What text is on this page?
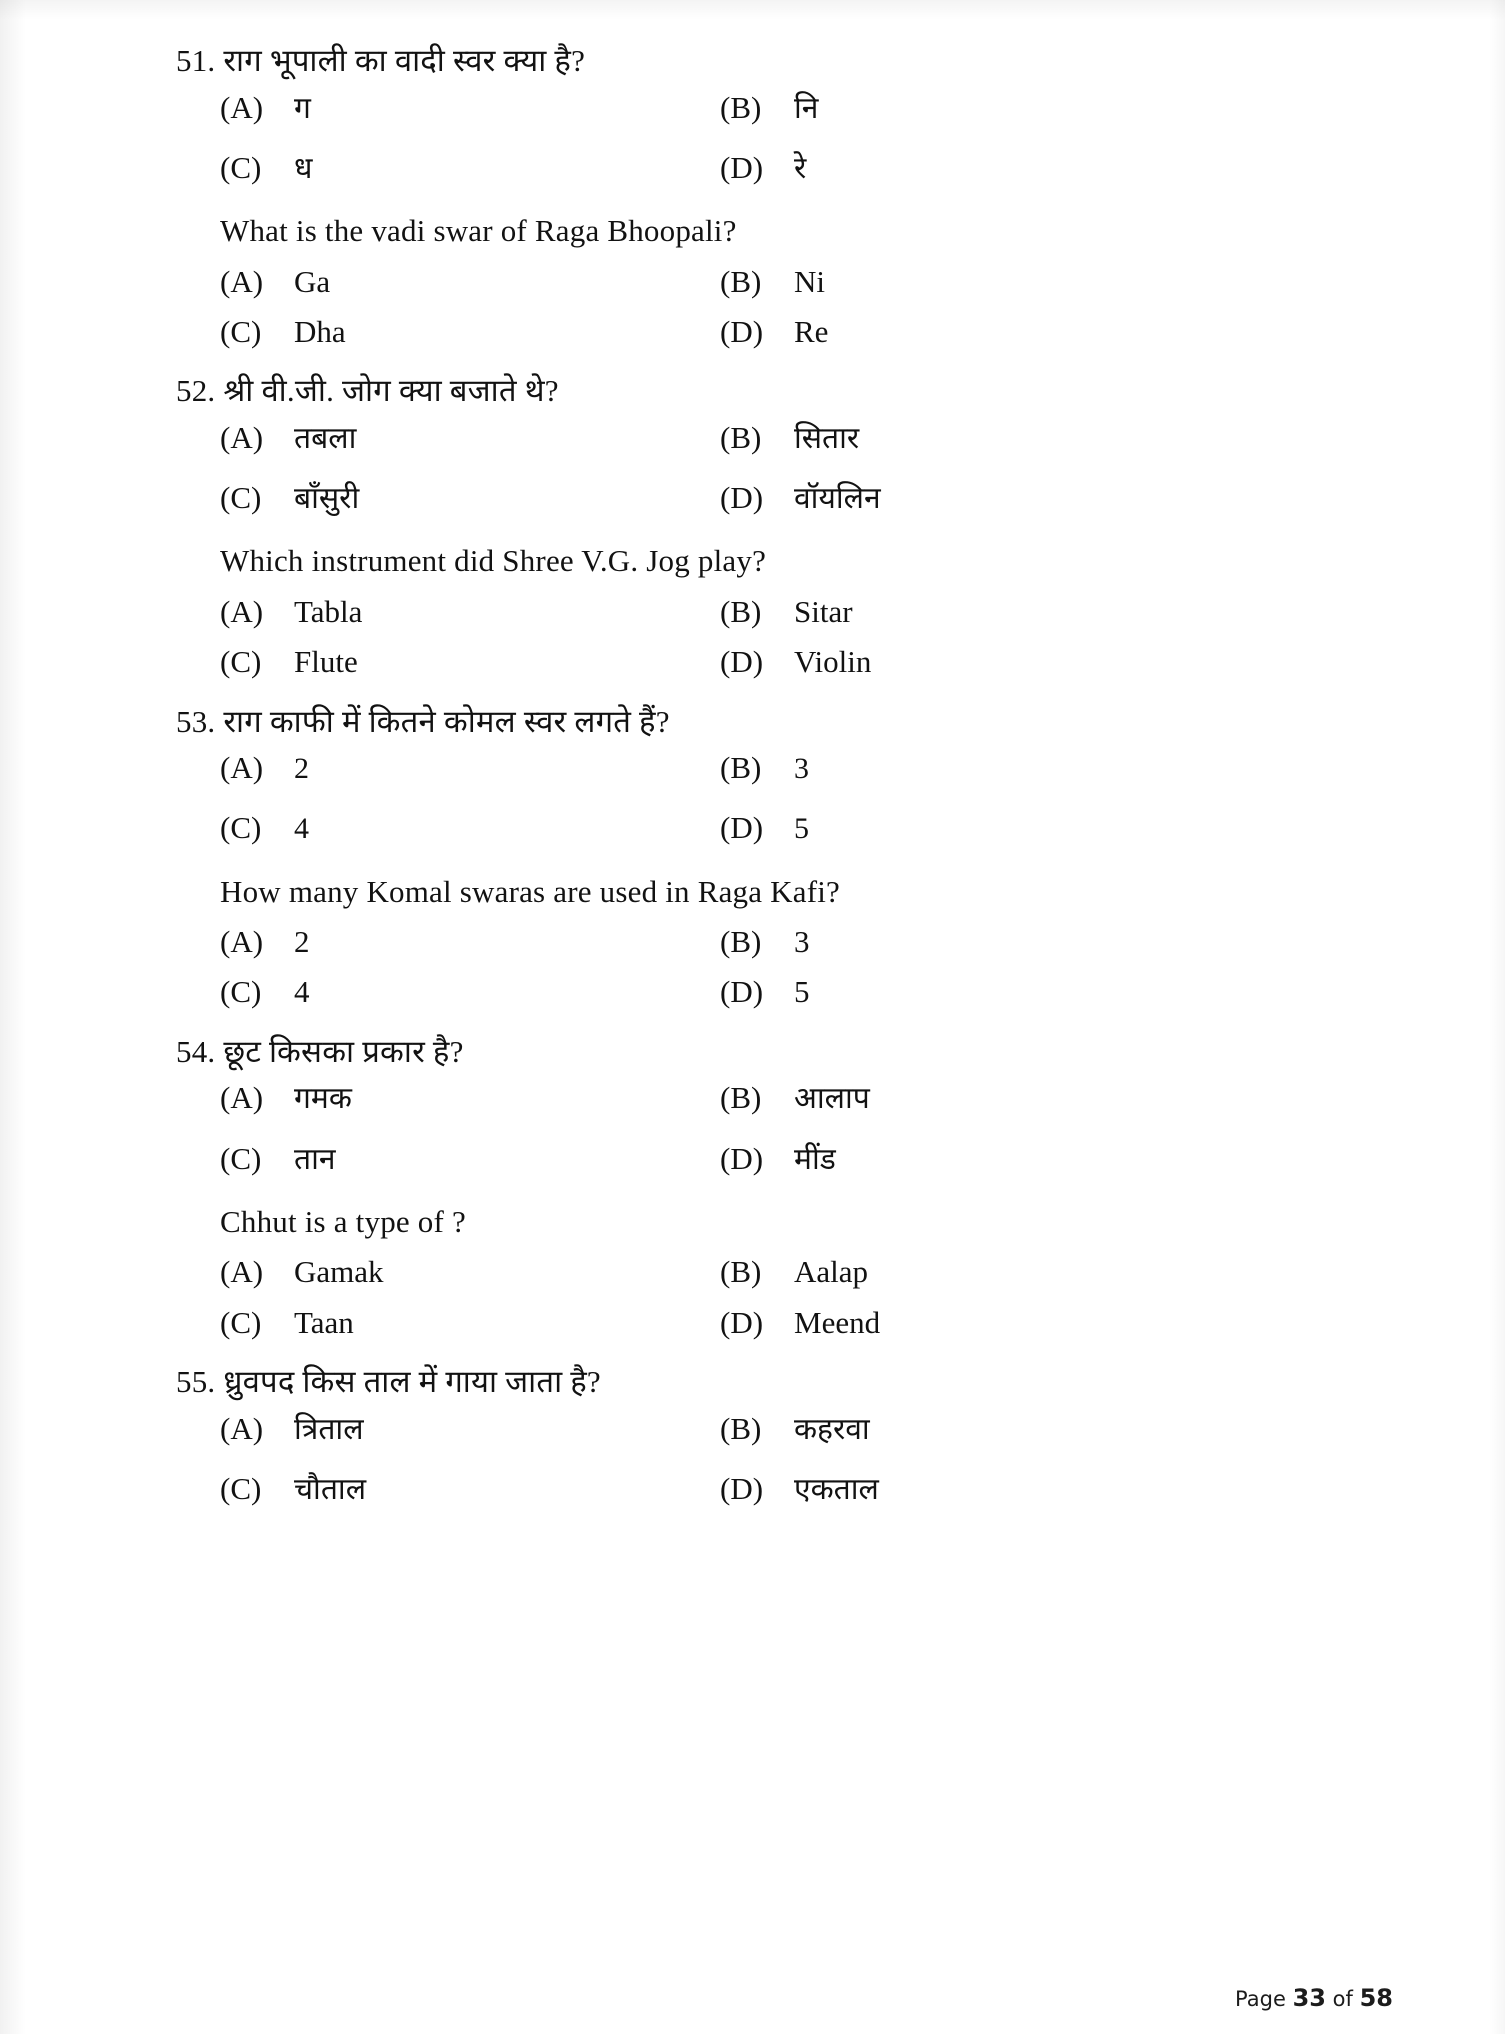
51. राग भूपाली का वादी स्वर क्या है?
(A)	ग	(B)	नि
(C)	ध	(D)	रे
What is the vadi swar of Raga Bhoopali?
(A) Ga	(B)	Ni
(C)	Dha	(D) Re
52. श्री वी.जी. जोग क्या बजाते थे?
(A)	तबला	(B)	सितार
(C)	बाँसुरी	(D)	वॉयलिन
Which instrument did Shree V.G. Jog play?
(A) Tabla	(B)	Sitar
(C)	Flute	(D) Violin
53. राग काफी में कितने कोमल स्वर लगते हैं?
(A)	2	(B)	3
(C)	4	(D)	5
How many Komal swaras are used in Raga Kafi?
(A) 2	(B)	3
(C)	4	(D) 5
54. छूट किसका प्रकार है?
(A)	गमक	(B)	आलाप
(C)	तान	(D)	मींड
Chhut is a type of ?
(A) Gamak	(B)	Aalap
(C)	Taan	(D) Meend
55. ध्रुवपद किस ताल में गाया जाता है?
(A)	त्रिताल	(B)	कहरवा
(C)	चौताल	(D)	एकताल
Page 33 of 58
